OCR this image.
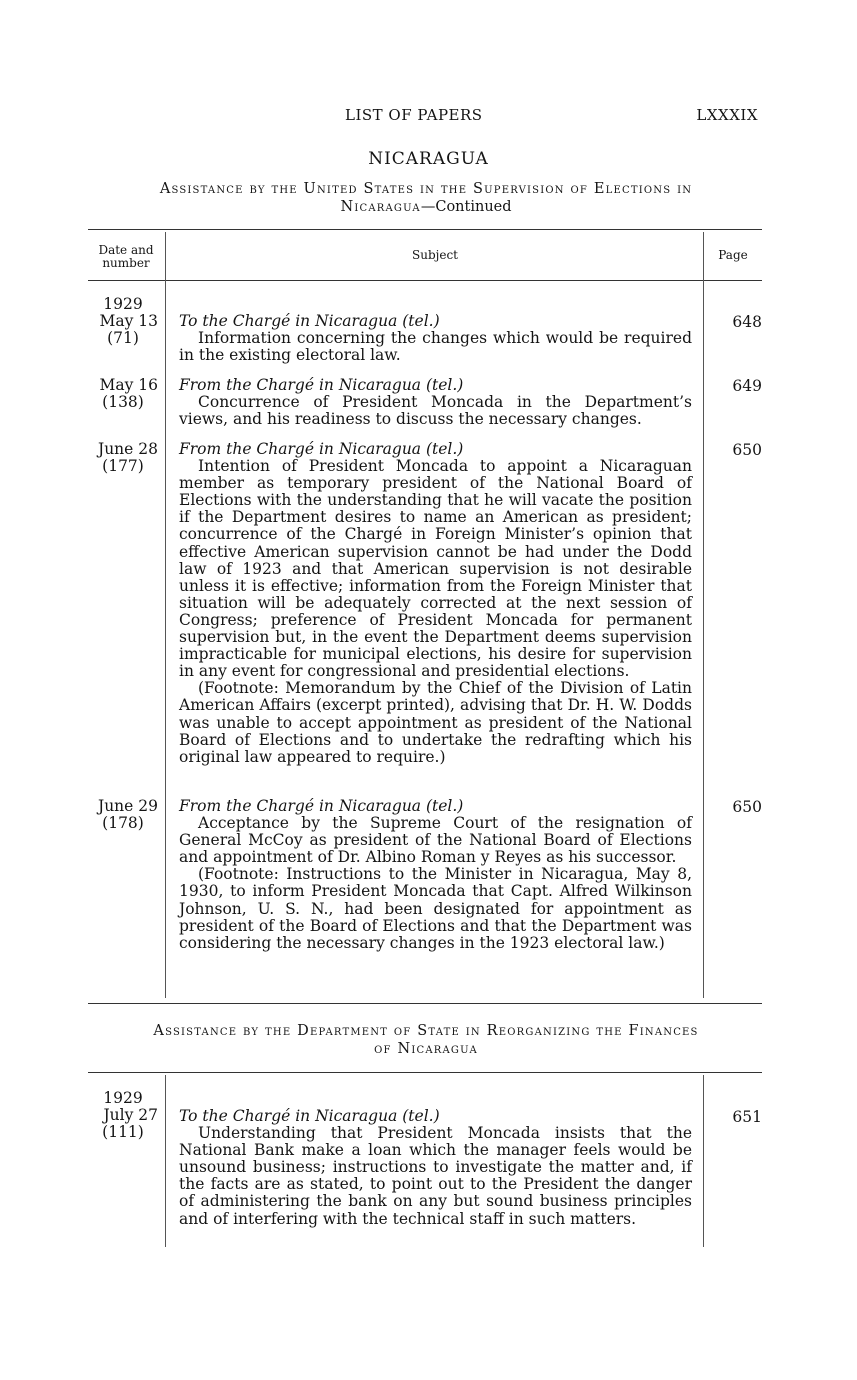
LIST OF PAPERS	LXXXIX
NICARAGUA
Assistance by the United States in the Supervision of Elections in
Nicaragua—Continued
Date and number
Subject	Page
1929
May 13
(71)
To the Chargé in Nicaragua (tel.)

Information concerning the changes which would be required in the existing electoral law.

648
May 16
(138)
From the Chargé in Nicaragua (tel.)

Concurrence of President Moncada in the Department’s views, and his readiness to discuss the necessary changes.

649
June 28
(177)
From the Chargé in Nicaragua (tel.)

Intention of President Moncada to appoint a Nicaraguan member as temporary president of the National Board of Elections with the understanding that he will vacate the position if the Department desires to name an American as president; concurrence of the Chargé in Foreign Minister’s opinion that effective American supervision cannot be had under the Dodd law of 1923 and that American supervision is not desirable unless it is effective; information from the Foreign Minister that situation will be adequately corrected at the next session of Congress; preference of President Moncada for permanent supervision but, in the event the Department deems supervision impracticable for municipal elections, his desire for supervision in any event for congressional and presidential elections.

(Footnote: Memorandum by the Chief of the Division of Latin American Affairs (excerpt printed), advising that Dr. H. W. Dodds was unable to accept appointment as president of the National Board of Elections and to undertake the redrafting which his original law appeared to require.)

650
June 29
(178)
From the Chargé in Nicaragua (tel.)

Acceptance by the Supreme Court of the resignation of General McCoy as president of the National Board of Elections and appointment of Dr. Albino Roman y Reyes as his successor.

(Footnote: Instructions to the Minister in Nicaragua, May 8, 1930, to inform President Moncada that Capt. Alfred Wilkinson Johnson, U. S. N., had been designated for appointment as president of the Board of Elections and that the Department was considering the necessary changes in the 1923 electoral law.)

650
Assistance by the Department of State in Reorganizing the Finances
of Nicaragua
1929
July 27
(111)
To the Chargé in Nicaragua (tel.)

Understanding that President Moncada insists that the National Bank make a loan which the manager feels would be unsound business; instructions to investigate the matter and, if the facts are as stated, to point out to the President the danger of administering the bank on any but sound business principles and of interfering with the technical staff in such matters.

651
